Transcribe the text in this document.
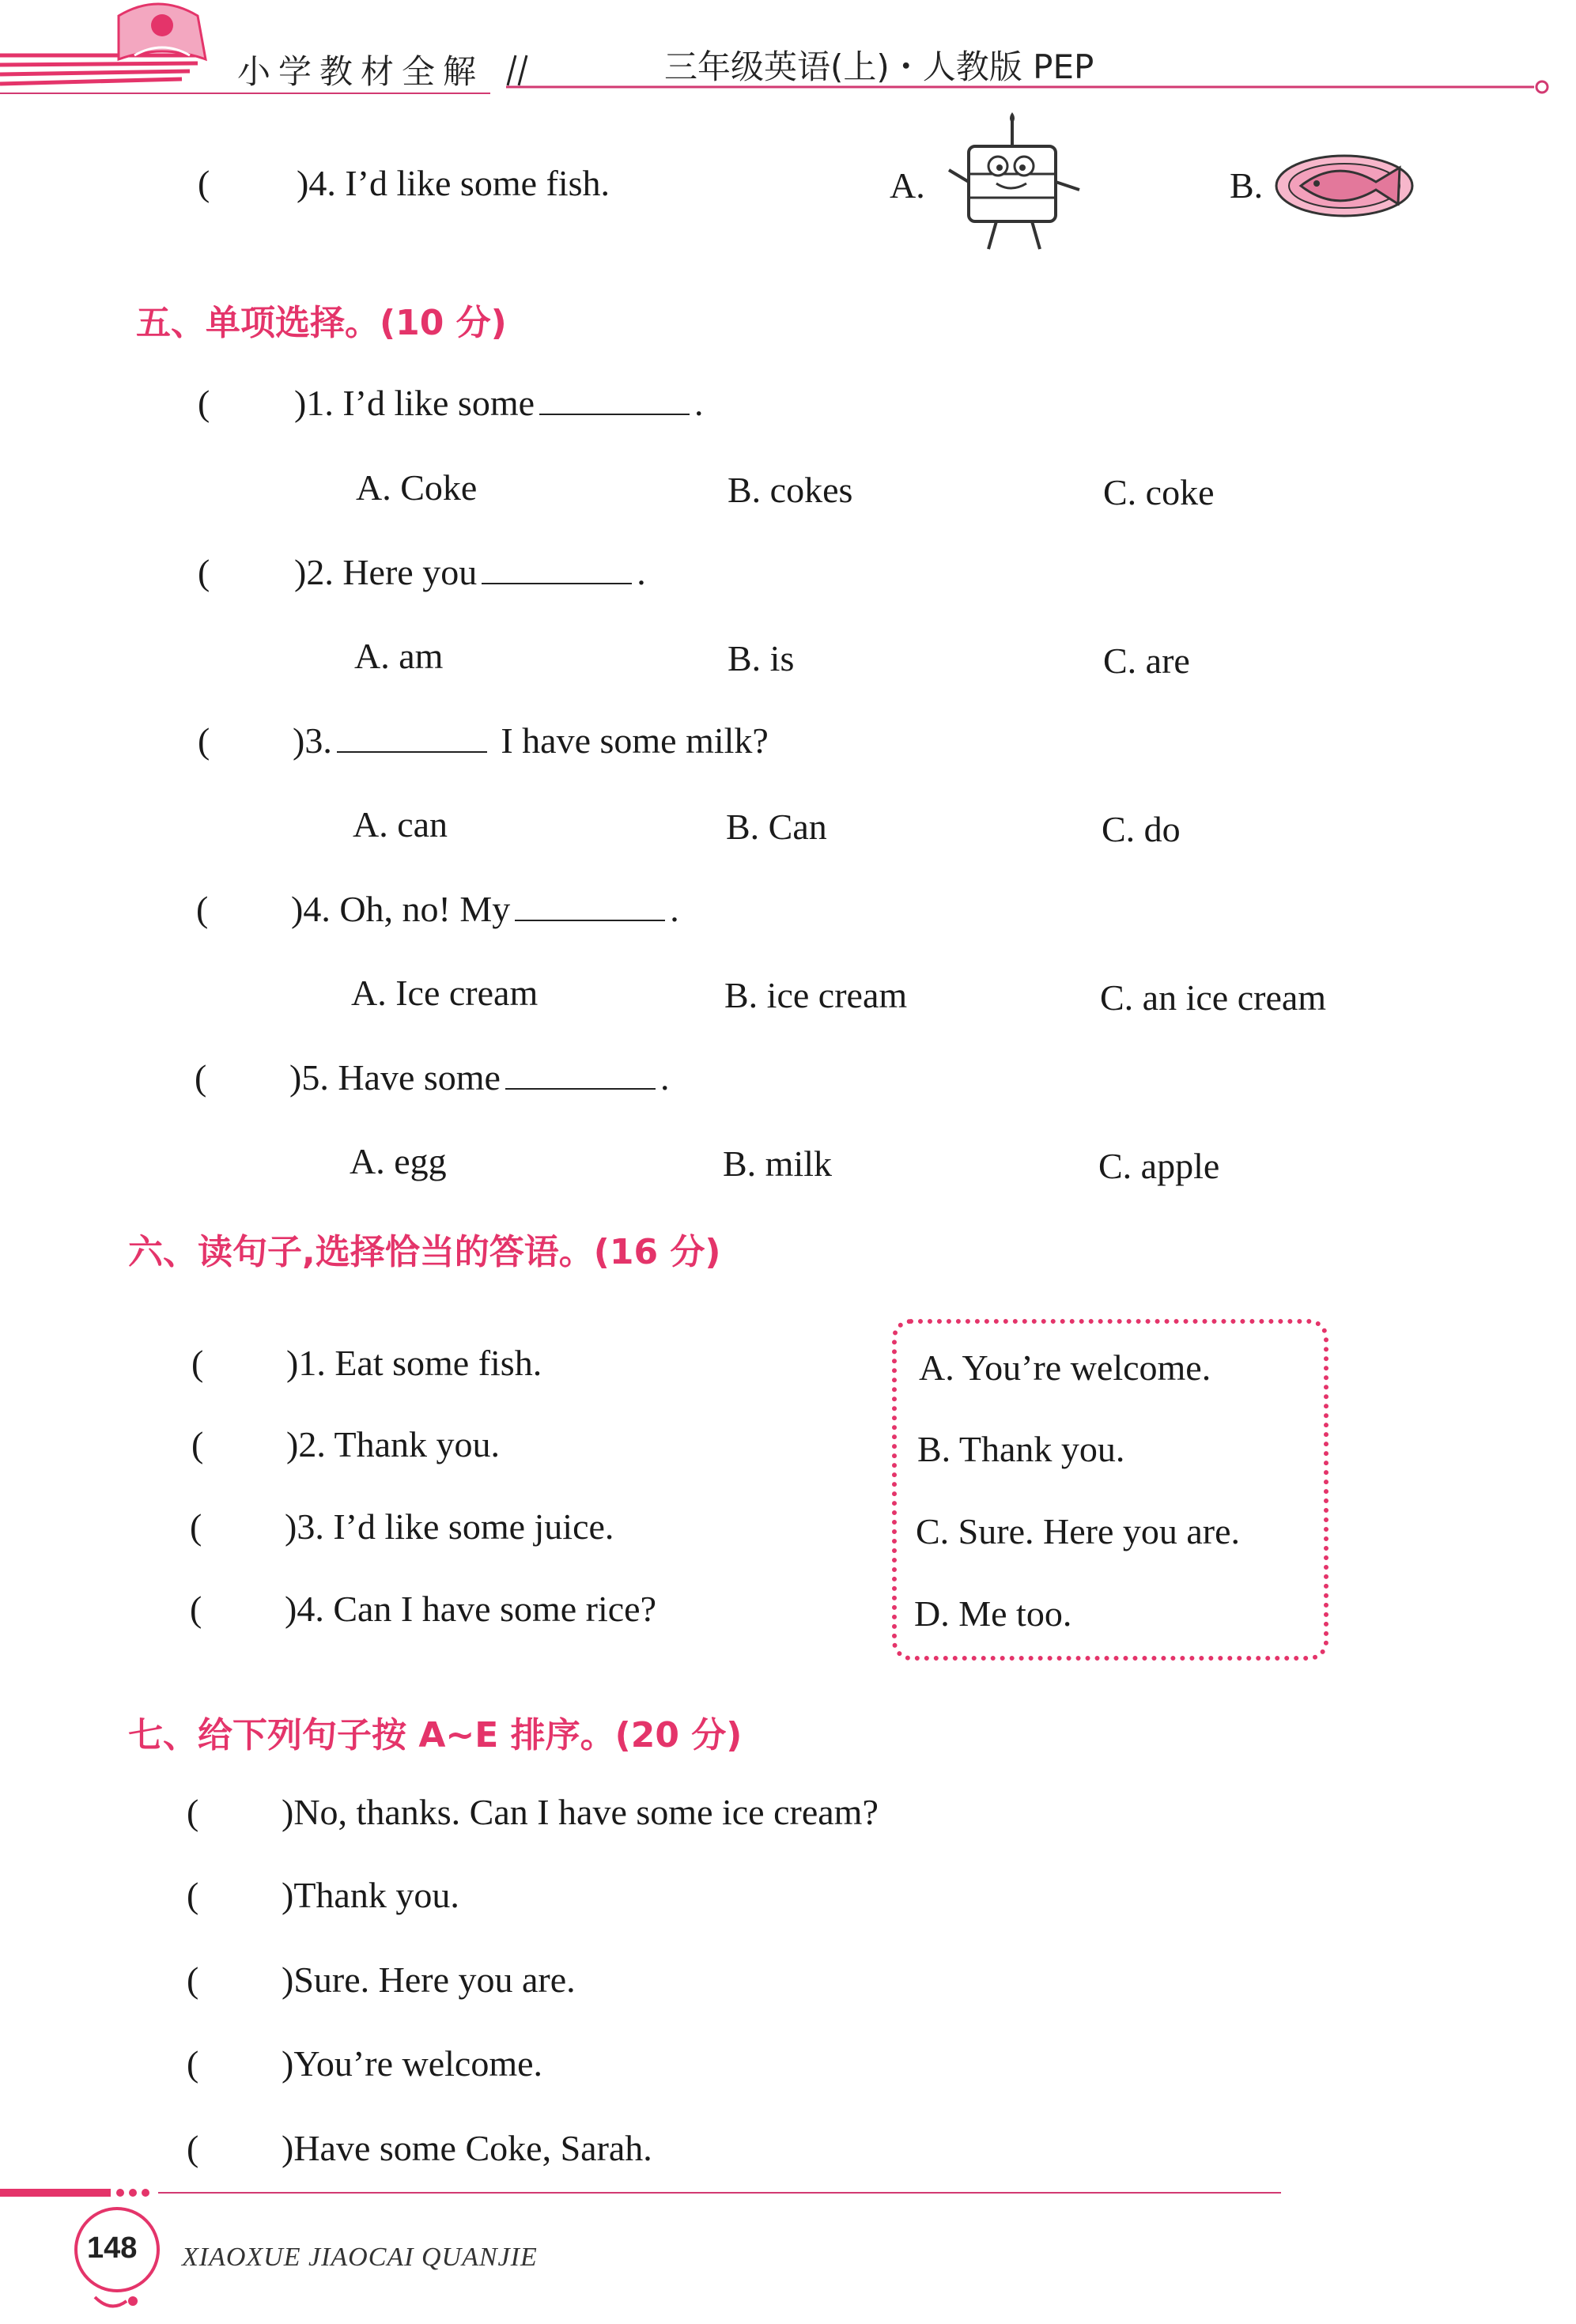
小学教材全解	三年级英语(上)・人教版 PEP
( )4. I’d like some fish.	A.	B.
五、单项选择。(10 分)
( )1. I’d like some	.
A. Coke	B. cokes	C. coke
( )2. Here you	.
A. am	B. is	C. are
( )3.	I have some milk?
A. can	B. Can	C. do
( )4. Oh, no! My	.
A. Ice cream	B. ice cream	C. an ice cream
( )5. Have some	.
A. egg	B. milk	C. apple
六、读句子,选择恰当的答语。(16 分)
( )1. Eat some fish.
( )2. Thank you.
( )3. I’d like some juice.
( )4. Can I have some rice?
A. You’re welcome.
B. Thank you.
C. Sure. Here you are.
D. Me too.
七、给下列句子按 A~E 排序。(20 分)
( )No, thanks. Can I have some ice cream?
( )Thank you.
( )Sure. Here you are.
( )You’re welcome.
( )Have some Coke, Sarah.
148 XIAOXUE JIAOCAI QUANJIE
